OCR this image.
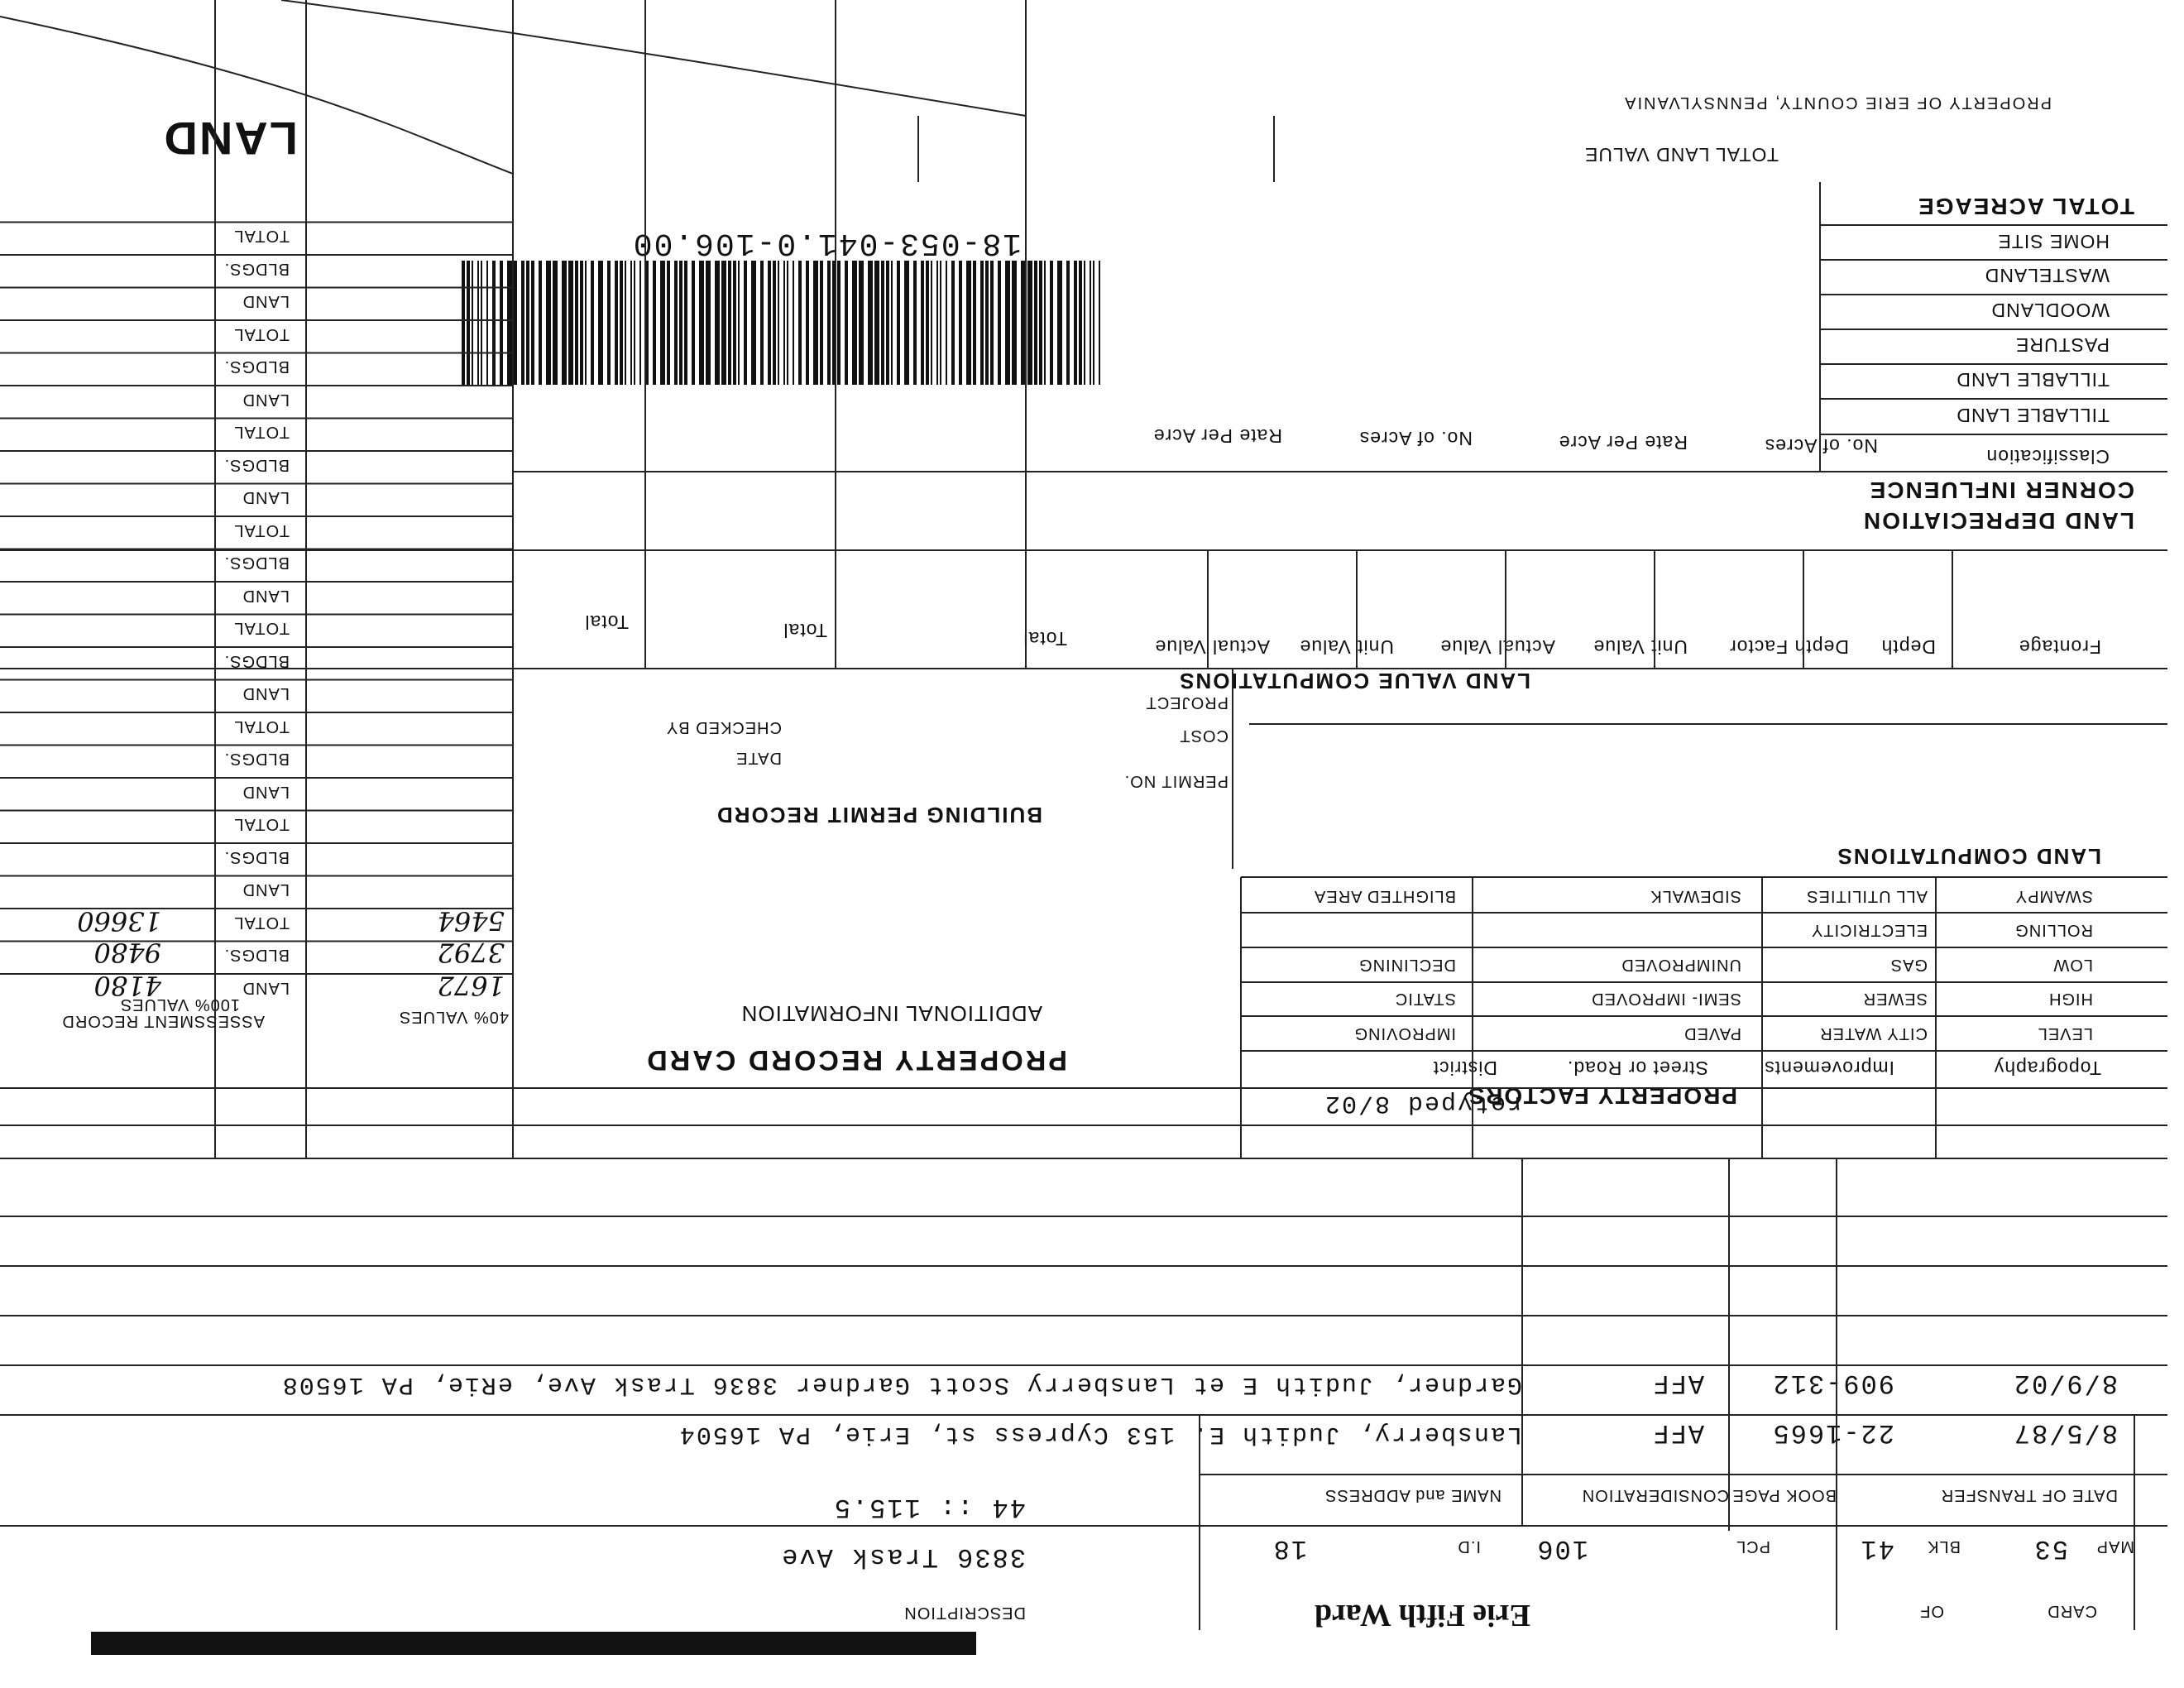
CARD
OF
Erie Fifth Ward
DESCRIPTION
3836 Trask Ave
44 :: 115.5
MAP
53
BLK
41
PCL
106
I.D
18
DATE OF TRANSFER
BOOK PAGE
CONSIDERATION
NAME and ADDRESS
8/5/87
22-1665
AFF
Lansberry, Judith E. 153 Cypress st, Erie, PA 16504
8/9/02
909-312
AFF
Gardner, Judith E et Lansberry Scott Gardner 3836 Trask Ave, eRie, PA 16508
PROPERTY FACTORS
retyped 8/02
Topography
Improvements
Street or Road.
District
LEVEL
HIGH
LOW
ROLLING
SWAMPY
CITY WATER
SEWER
GAS
ELECTRICITY
ALL UTILITIES
PAVED
SEMI- IMPROVED
UNIMPROVED
SIDEWALK
IMPROVING
STATIC
DECLINING
BLIGHTED AREA
PROPERTY RECORD CARD
ADDITIONAL INFORMATION
BUILDING PERMIT RECORD
PERMIT NO.
DATE
COST
CHECKED BY
PROJECT
ASSESSMENT RECORD
100% VALUES
40% VALUES
4180
9480
13660
1672
3792
5464
LAND
BLDGS.
TOTAL
LAND
BLDGS.
TOTAL
LAND
BLDGS.
TOTAL
LAND
BLDGS.
TOTAL
LAND
BLDGS.
TOTAL
LAND
BLDGS.
TOTAL
LAND
BLDGS.
TOTAL
LAND
BLDGS.
TOTAL
LAND
LAND COMPUTATIONS
LAND VALUE COMPUTATIONS
Frontage
Depth
Depth Factor
Unit Value
Actual Value
Unit Value
Actual Value
Total
Total
Total
LAND DEPRECIATION
CORNER INFLUENCE
Classification
No. of Acres
Rate Per Acre
No. of Acres
Rate Per Acre
TILLABLE LAND
TILLABLE LAND
PASTURE
WOODLAND
WASTELAND
HOME SITE
TOTAL ACREAGE
TOTAL LAND VALUE
18-053-041.0-106.00
PROPERTY OF ERIE COUNTY, PENNSYLVANIA
